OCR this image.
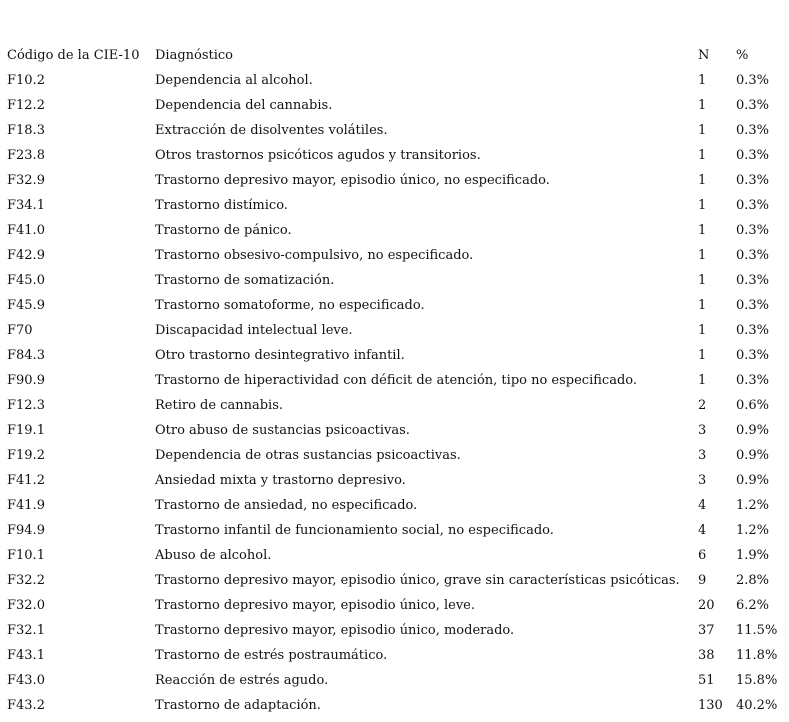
Código de la CIE-10	Diagnóstico	N	%
F10.2	Dependencia al alcohol.	1	0.3%
F12.2	Dependencia del cannabis.	1	0.3%
F18.3	Extracción de disolventes volátiles.	1	0.3%
F23.8	Otros trastornos psicóticos agudos y transitorios.	1	0.3%
F32.9	Trastorno depresivo mayor, episodio único, no especificado.	1	0.3%
F34.1	Trastorno distímico.	1	0.3%
F41.0	Trastorno de pánico.	1	0.3%
F42.9	Trastorno obsesivo-compulsivo, no especificado.	1	0.3%
F45.0	Trastorno de somatización.	1	0.3%
F45.9	Trastorno somatoforme, no especificado.	1	0.3%
F70	Discapacidad intelectual leve.	1	0.3%
F84.3	Otro trastorno desintegrativo infantil.	1	0.3%
F90.9	Trastorno de hiperactividad con déficit de atención, tipo no especificado.	1	0.3%
F12.3	Retiro de cannabis.	2	0.6%
F19.1	Otro abuso de sustancias psicoactivas.	3	0.9%
F19.2	Dependencia de otras sustancias psicoactivas.	3	0.9%
F41.2	Ansiedad mixta y trastorno depresivo.	3	0.9%
F41.9	Trastorno de ansiedad, no especificado.	4	1.2%
F94.9	Trastorno infantil de funcionamiento social, no especificado.	4	1.2%
F10.1	Abuso de alcohol.	6	1.9%
F32.2	Trastorno depresivo mayor, episodio único, grave sin características psicóticas.	9	2.8%
F32.0	Trastorno depresivo mayor, episodio único, leve.	20	6.2%
F32.1	Trastorno depresivo mayor, episodio único, moderado.	37	11.5%
F43.1	Trastorno de estrés postraumático.	38	11.8%
F43.0	Reacción de estrés agudo.	51	15.8%
F43.2	Trastorno de adaptación.	130	40.2%
